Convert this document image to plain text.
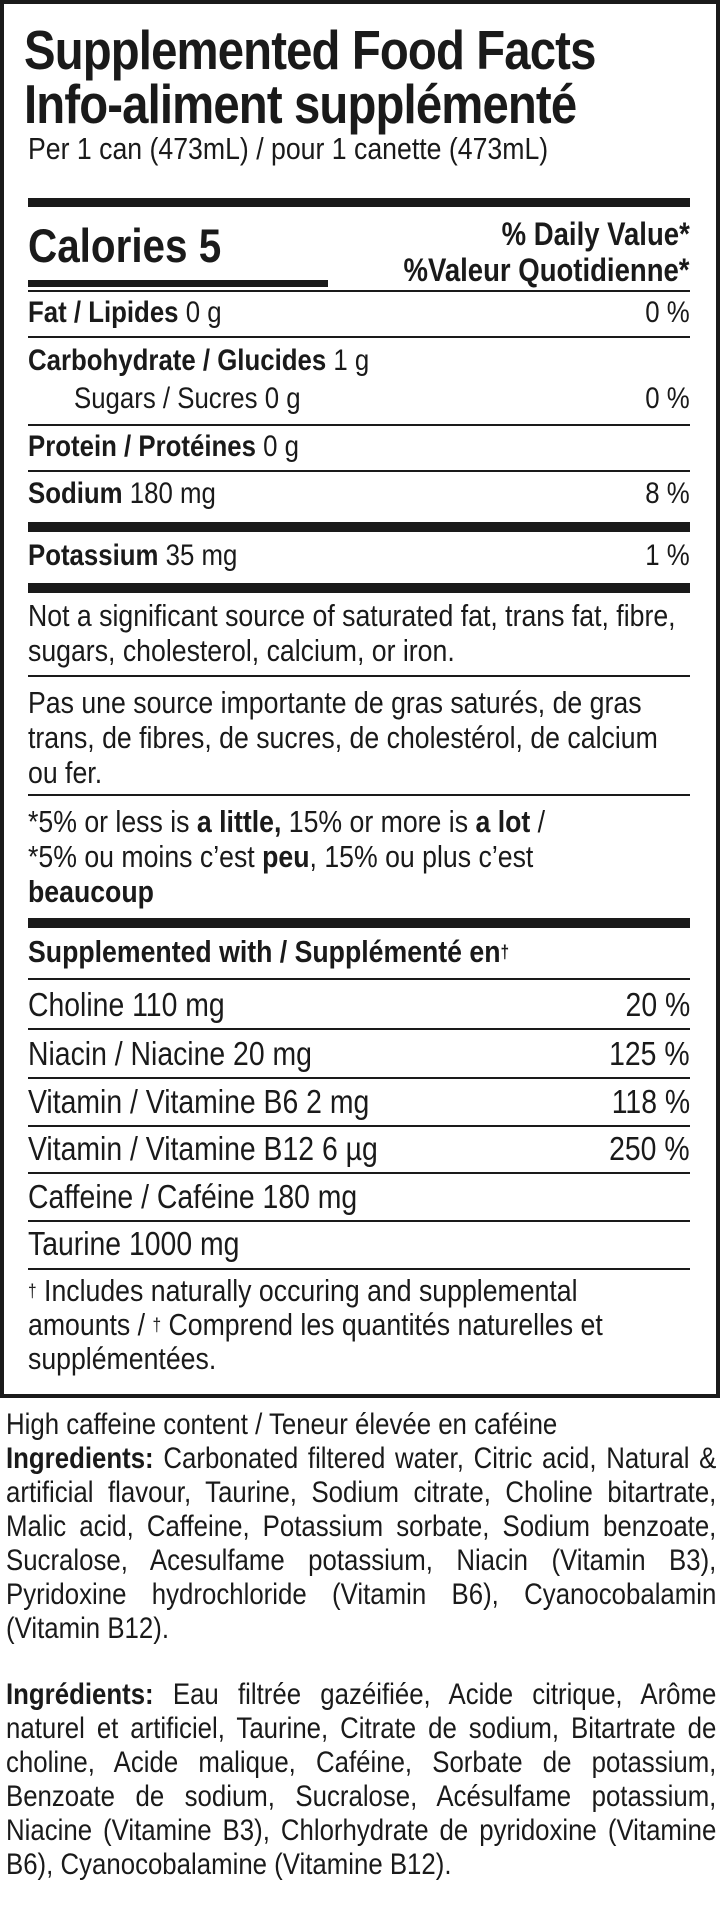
Supplemented Food Facts
Info-aliment supplémenté
Per 1 can (473mL) / pour 1 canette (473mL)
Calories 5	% Daily Value*
%Valeur Quotidienne*
Fat / Lipides 0 g	0 %
Carbohydrate / Glucides 1 g
Sugars / Sucres 0 g	0 %
Protein / Protéines 0 g
Sodium 180 mg	8 %
Potassium 35 mg	1 %
Not a significant source of saturated fat, trans fat, fibre, sugars, cholesterol, calcium, or iron.
Pas une source importante de gras saturés, de gras trans, de fibres, de sucres, de cholestérol, de calcium ou fer.
*5% or less is a little, 15% or more is a lot /
*5% ou moins c’est peu, 15% ou plus c’est
beaucoup
Supplemented with / Supplémenté en†
Choline 110 mg	20 %
Niacin / Niacine 20 mg	125 %
Vitamin / Vitamine B6 2 mg	118 %
Vitamin / Vitamine B12 6 µg	250 %
Caffeine / Caféine 180 mg
Taurine 1000 mg
† Includes naturally occuring and supplemental
amounts / † Comprend les quantités naturelles et
supplémentées.
High caffeine content / Teneur élevée en caféine
Ingredients: Carbonated filtered water, Citric acid, Natural & artificial flavour, Taurine, Sodium citrate, Choline bitartrate, Malic acid, Caffeine, Potassium sorbate, Sodium benzoate, Sucralose, Acesulfame potassium, Niacin (Vitamin B3), Pyridoxine hydrochloride (Vitamin B6), Cyanocobalamin (Vitamin B12).
Ingrédients: Eau filtrée gazéifiée, Acide citrique, Arôme naturel et artificiel, Taurine, Citrate de sodium, Bitartrate de choline, Acide malique, Caféine, Sorbate de potassium, Benzoate de sodium, Sucralose, Acésulfame potassium, Niacine (Vitamine B3), Chlorhydrate de pyridoxine (Vitamine B6), Cyanocobalamine (Vitamine B12).
